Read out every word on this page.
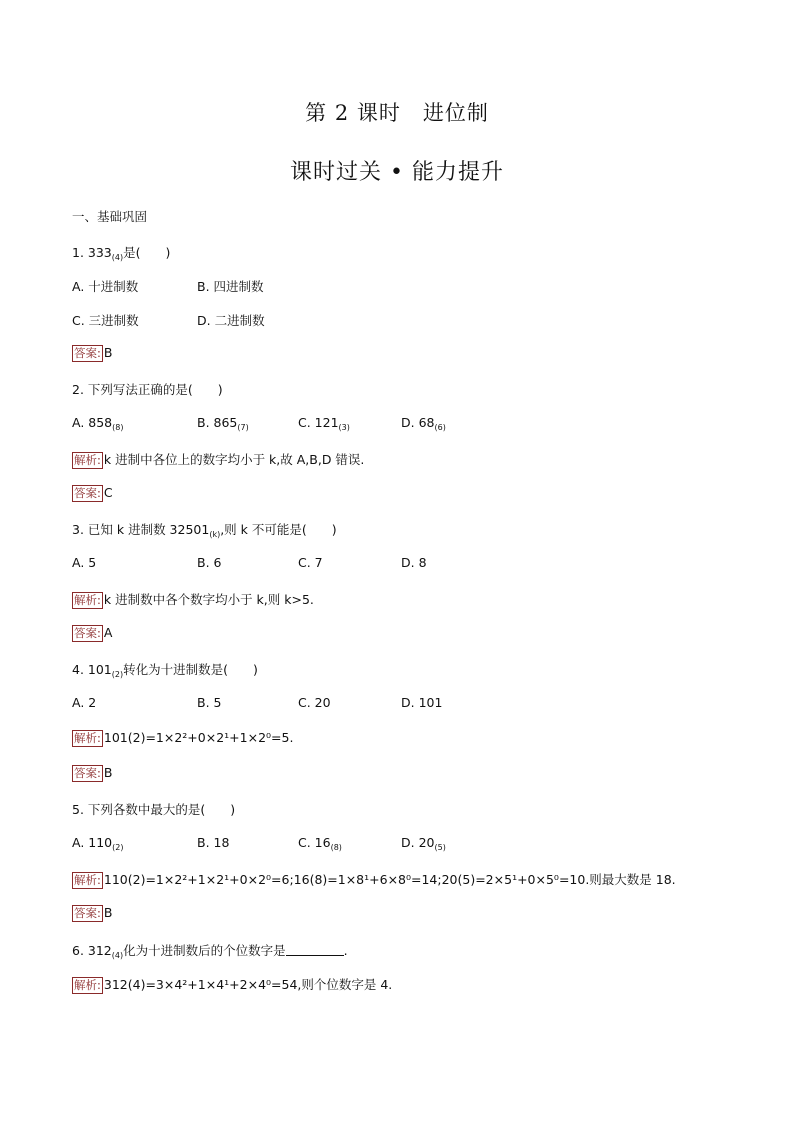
第 2 课时　进位制
课时过关 • 能力提升
一、基础巩固
1. $333_{(4)}$是(　　)
A. 十进制数	B. 四进制数
C. 三进制数	D. 二进制数
答案: B
2. 下列写法正确的是(　　)
A. $858_{(8)}$	B. $865_{(7)}$	C. $121_{(3)}$	D. $68_{(6)}$
解析: k 进制中各位上的数字均小于 k,故 A,B,D 错误.
答案: C
3. 已知 k 进制数 $32501_{(k)}$,则 k 不可能是(　　)
A. 5	B. 6	C. 7	D. 8
解析: k 进制数中各个数字均小于 k,则 k>5.
答案: A
4. $101_{(2)}$转化为十进制数是(　　)
A. 2	B. 5	C. 20	D. 101
解析: 101(2)=1×2²+0×2¹+1×2⁰=5.
答案: B
5. 下列各数中最大的是(　　)
A. $110_{(2)}$	B. 18	C. $16_{(8)}$	D. $20_{(5)}$
解析: 110(2)=1×2²+1×2¹+0×2⁰=6;16(8)=1×8¹+6×8⁰=14;20(5)=2×5¹+0×5⁰=10.则最大数是 18.
答案: B
6. $312_{(4)}$化为十进制数后的个位数字是	.
解析: 312(4)=3×4²+1×4¹+2×4⁰=54,则个位数字是 4.
